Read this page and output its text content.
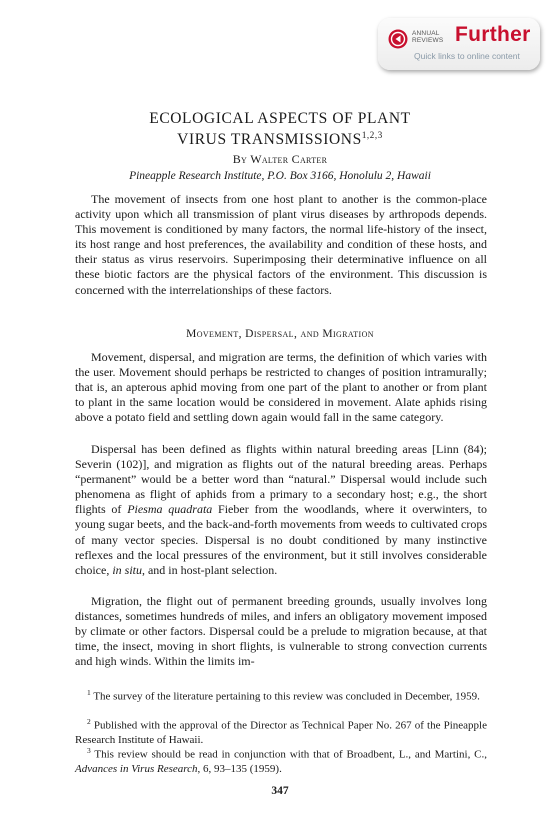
ANNUAL
REVIEWS Further
Quick links to online content
ECOLOGICAL ASPECTS OF PLANT
VIRUS TRANSMISSIONS$^{1,2,3}$
By Walter Carter
Pineapple Research Institute, P.O. Box 3166, Honolulu 2, Hawaii

The movement of insects from one host plant to another is the common-place activity upon which all transmission of plant virus diseases by arthropods depends. This movement is conditioned by many factors, the normal life-history of the insect, its host range and host preferences, the availability and condition of these hosts, and their status as virus reservoirs. Superimposing their determinative influence on all these biotic factors are the physical factors of the environment. This discussion is concerned with the interrelationships of these factors.

Movement, Dispersal, and Migration

Movement, dispersal, and migration are terms, the definition of which varies with the user. Movement should perhaps be restricted to changes of position intramurally; that is, an apterous aphid moving from one part of the plant to another or from plant to plant in the same location would be considered in movement. Alate aphids rising above a potato field and settling down again would fall in the same category.

Dispersal has been defined as flights within natural breeding areas [Linn (84); Severin (102)], and migration as flights out of the natural breeding areas. Perhaps “permanent” would be a better word than “natural.” Dispersal would include such phenomena as flight of aphids from a primary to a secondary host; e.g., the short flights of Piesma quadrata Fieber from the woodlands, where it overwinters, to young sugar beets, and the back-and-forth movements from weeds to cultivated crops of many vector species. Dispersal is no doubt conditioned by many instinctive reflexes and the local pressures of the environment, but it still involves considerable choice, in situ, and in host-plant selection.

Migration, the flight out of permanent breeding grounds, usually involves long distances, sometimes hundreds of miles, and infers an obligatory movement imposed by climate or other factors. Dispersal could be a prelude to migration because, at that time, the insect, moving in short flights, is vulnerable to strong convection currents and high winds. Within the limits im-

$^1$ The survey of the literature pertaining to this review was concluded in December, 1959.

$^2$ Published with the approval of the Director as Technical Paper No. 267 of the Pineapple Research Institute of Hawaii.

$^3$ This review should be read in conjunction with that of Broadbent, L., and Martini, C., Advances in Virus Research, 6, 93–135 (1959).

347
